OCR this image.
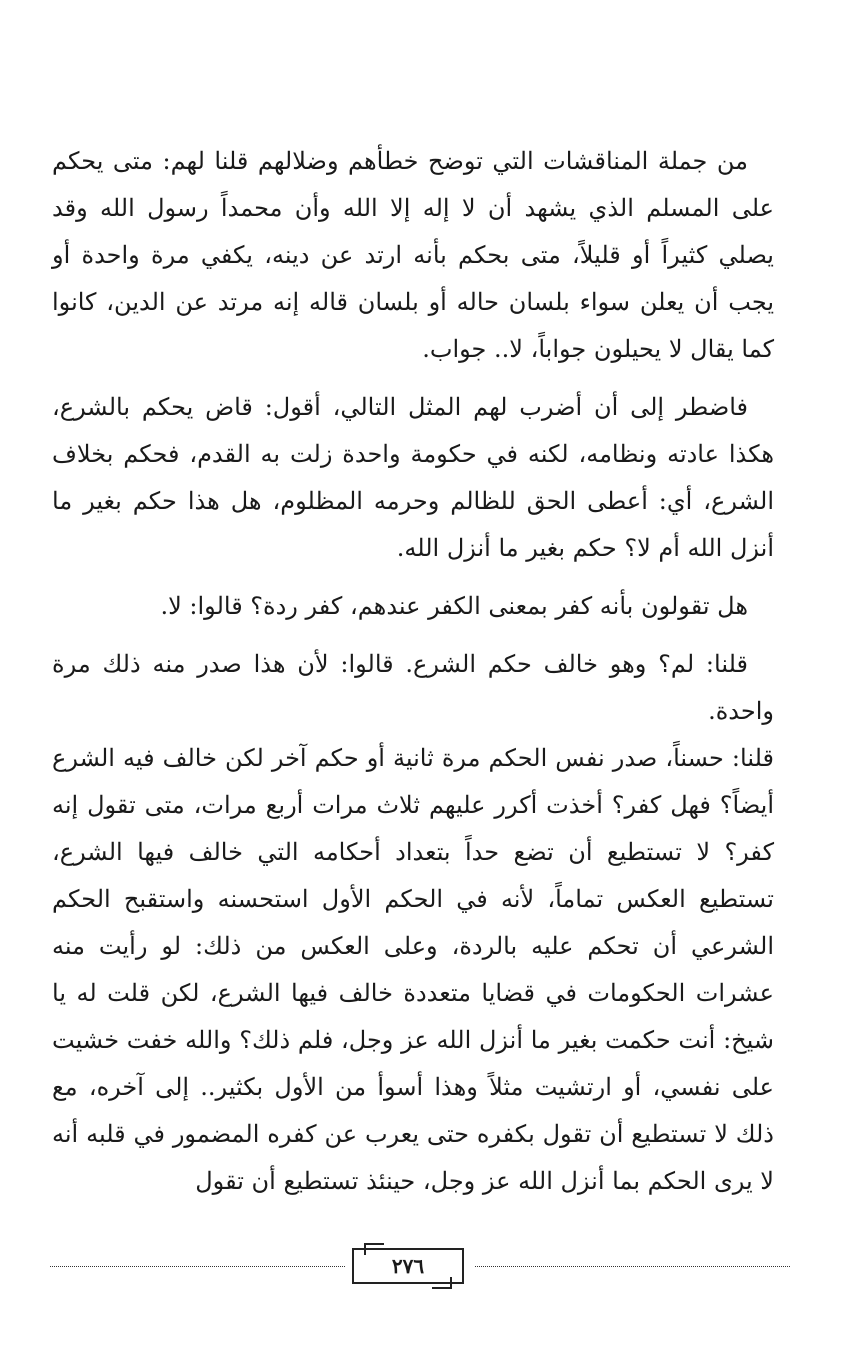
من جملة المناقشات التي توضح خطأهم وضلالهم قلنا لهم: متى يحكم على المسلم الذي يشهد أن لا إله إلا الله وأن محمداً رسول الله وقد يصلي كثيراً أو قليلاً، متى بحكم بأنه ارتد عن دينه، يكفي مرة واحدة أو يجب أن يعلن سواء بلسان حاله أو بلسان قاله إنه مرتد عن الدين، كانوا كما يقال لا يحيلون جواباً، لا.. جواب.

فاضطر إلى أن أضرب لهم المثل التالي، أقول: قاض يحكم بالشرع، هكذا عادته ونظامه، لكنه في حكومة واحدة زلت به القدم، فحكم بخلاف الشرع، أي: أعطى الحق للظالم وحرمه المظلوم، هل هذا حكم بغير ما أنزل الله أم لا؟ حكم بغير ما أنزل الله.

هل تقولون بأنه كفر بمعنى الكفر عندهم، كفر ردة؟ قالوا: لا.

قلنا: لم؟ وهو خالف حكم الشرع. قالوا: لأن هذا صدر منه ذلك مرة واحدة.

قلنا: حسناً، صدر نفس الحكم مرة ثانية أو حكم آخر لكن خالف فيه الشرع أيضاً؟ فهل كفر؟ أخذت أكرر عليهم ثلاث مرات أربع مرات، متى تقول إنه كفر؟ لا تستطيع أن تضع حداً بتعداد أحكامه التي خالف فيها الشرع، تستطيع العكس تماماً، لأنه في الحكم الأول استحسنه واستقبح الحكم الشرعي أن تحكم عليه بالردة، وعلى العكس من ذلك: لو رأيت منه عشرات الحكومات في قضايا متعددة خالف فيها الشرع، لكن قلت له يا شيخ: أنت حكمت بغير ما أنزل الله عز وجل، فلم ذلك؟ والله خفت خشيت على نفسي، أو ارتشيت مثلاً وهذا أسوأ من الأول بكثير.. إلى آخره، مع ذلك لا تستطيع أن تقول بكفره حتى يعرب عن كفره المضمور في قلبه أنه لا يرى الحكم بما أنزل الله عز وجل، حينئذ تستطيع أن تقول

٢٧٦
